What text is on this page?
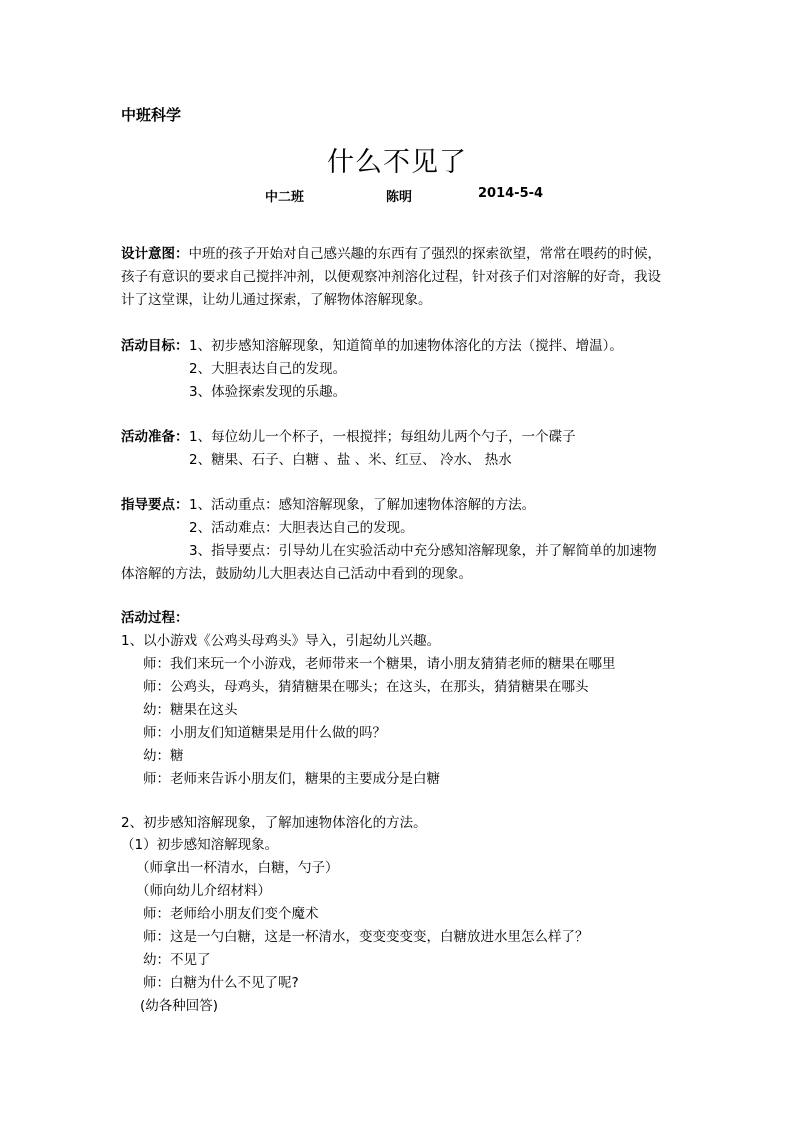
中班科学
什么不见了
中二班	陈明	2014-5-4
设计意图：中班的孩子开始对自己感兴趣的东西有了强烈的探索欲望，常常在喂药的时候，
孩子有意识的要求自己搅拌冲剂，以便观察冲剂溶化过程，针对孩子们对溶解的好奇，我设
计了这堂课，让幼儿通过探索，了解物体溶解现象。
活动目标： 1、初步感知溶解现象，知道简单的加速物体溶化的方法（搅拌、增温）。
2、大胆表达自己的发现。
3、体验探索发现的乐趣。
活动准备： 1、每位幼儿一个杯子，一根搅拌；每组幼儿两个勺子，一个碟子
2、糖果、石子、白糖 、盐 、米、红豆、 冷水、 热水
指导要点： 1、活动重点：感知溶解现象，了解加速物体溶解的方法。
2、活动难点：大胆表达自己的发现。
3、指导要点：引导幼儿在实验活动中充分感知溶解现象，并了解简单的加速物
体溶解的方法，鼓励幼儿大胆表达自己活动中看到的现象。
活动过程：
1、以小游戏《公鸡头母鸡头》导入，引起幼儿兴趣。
师：我们来玩一个小游戏，老师带来一个糖果，请小朋友猜猜老师的糖果在哪里
师：公鸡头，母鸡头，猜猜糖果在哪头；在这头，在那头，猜猜糖果在哪头
幼：糖果在这头
师：小朋友们知道糖果是用什么做的吗？
幼：糖
师：老师来告诉小朋友们，糖果的主要成分是白糖
2、初步感知溶解现象，了解加速物体溶化的方法。
（1）初步感知溶解现象。
（师拿出一杯清水，白糖，勺子）
（师向幼儿介绍材料）
师：老师给小朋友们变个魔术
师：这是一勺白糖，这是一杯清水，变变变变变，白糖放进水里怎么样了？
幼：不见了
师：白糖为什么不见了呢?
(幼各种回答)
